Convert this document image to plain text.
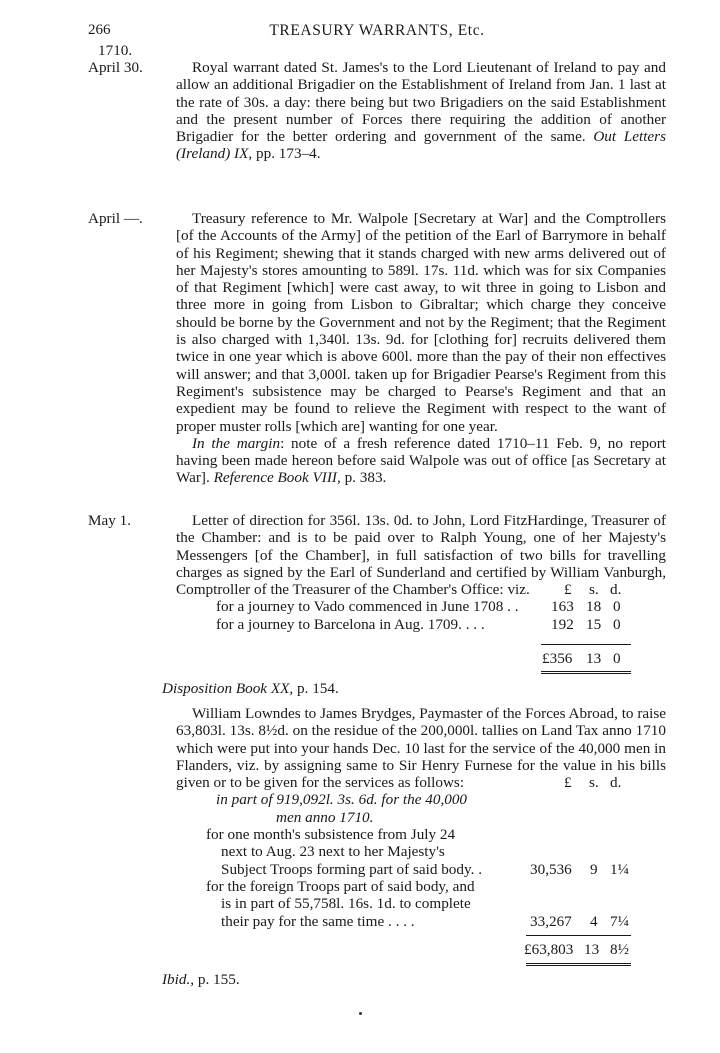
266	TREASURY WARRANTS, Etc.
1710.
April 30.	Royal warrant dated St. James's to the Lord Lieutenant of Ireland to pay and allow an additional Brigadier on the Establishment of Ireland from Jan. 1 last at the rate of 30s. a day: there being but two Brigadiers on the said Establishment and the present number of Forces there requiring the addition of another Brigadier for the better ordering and government of the same. Out Letters (Ireland) IX, pp. 173–4.
April —.	Treasury reference to Mr. Walpole [Secretary at War] and the Comptrollers [of the Accounts of the Army] of the petition of the Earl of Barrymore in behalf of his Regiment; shewing that it stands charged with new arms delivered out of her Majesty's stores amounting to 589l. 17s. 11d. which was for six Companies of that Regiment [which] were cast away, to wit three in going to Lisbon and three more in going from Lisbon to Gibraltar; which charge they conceive should be borne by the Government and not by the Regiment; that the Regiment is also charged with 1,340l. 13s. 9d. for [clothing for] recruits delivered them twice in one year which is above 600l. more than the pay of their non effectives will answer; and that 3,000l. taken up for Brigadier Pearse's Regiment from this Regiment's subsistence may be charged to Pearse's Regiment and that an expedient may be found to relieve the Regiment with respect to the want of proper muster rolls [which are] wanting for one year.

In the margin: note of a fresh reference dated 1710–11 Feb. 9, no report having been made hereon before said Walpole was out of office [as Secretary at War]. Reference Book VIII, p. 383.

May 1.	Letter of direction for 356l. 13s. 0d. to John, Lord FitzHardinge, Treasurer of the Chamber: and is to be paid over to Ralph Young, one of her Majesty's Messengers [of the Chamber], in full satisfaction of two bills for travelling charges as signed by the Earl of Sunderland and certified by William Vanburgh, Comptroller of the Treasurer of the Chamber's Office: viz.	£ s. d.
for a journey to Vado commenced in June 1708 . . 163 18 0
for a journey to Barcelona in Aug. 1709. . . .	192 15 0
£356 13 0
Disposition Book XX, p. 154.
William Lowndes to James Brydges, Paymaster of the Forces Abroad, to raise 63,803l. 13s. 8½d. on the residue of the 200,000l. tallies on Land Tax anno 1710 which were put into your hands Dec. 10 last for the service of the 40,000 men in Flanders, viz. by assigning same to Sir Henry Furnese for the value in his bills given or to be given for the services as follows:	£ s. d.
in part of 919,092l. 3s. 6d. for the 40,000
men anno 1710.
for one month's subsistence from July 24
next to Aug. 23 next to her Majesty's
Subject Troops forming part of said body. .	30,536 9 1¼
for the foreign Troops part of said body, and
is in part of 55,758l. 16s. 1d. to complete
their pay for the same time . . . .	33,267 4 7¼
£63,803 13 8½
Ibid., p. 155.
